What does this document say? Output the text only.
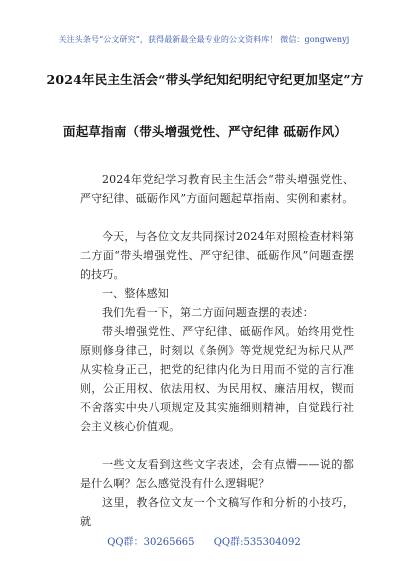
关注头条号“公文研究”，获得最新最全最专业的公文资料库！ 微信：gongwenyj
2024年民主生活会“带头学纪知纪明纪守纪更加坚定”方
面起草指南（带头增强党性、严守纪律 砥砺作风）
2024年党纪学习教育民主生活会“带头增强党性、严守纪律、砥砺作风”方面问题起草指南、实例和素材。
今天，与各位文友共同探讨2024年对照检查材料第二方面“带头增强党性、严守纪律、砥砺作风”问题查摆的技巧。
一、整体感知
我们先看一下，第二方面问题查摆的表述：
带头增强党性、严守纪律、砥砺作风。始终用党性原则修身律己，时刻以《条例》等党规党纪为标尺从严从实检身正己，把党的纪律内化为日用而不觉的言行准则，公正用权、依法用权、为民用权、廉洁用权，锲而不舍落实中央八项规定及其实施细则精神，自觉践行社会主义核心价值观。
一些文友看到这些文字表述，会有点懵——说的都是什么啊？怎么感觉没有什么逻辑呢？
这里，教各位文友一个文稿写作和分析的小技巧，就
QQ群：30265665 QQ群:535304092
